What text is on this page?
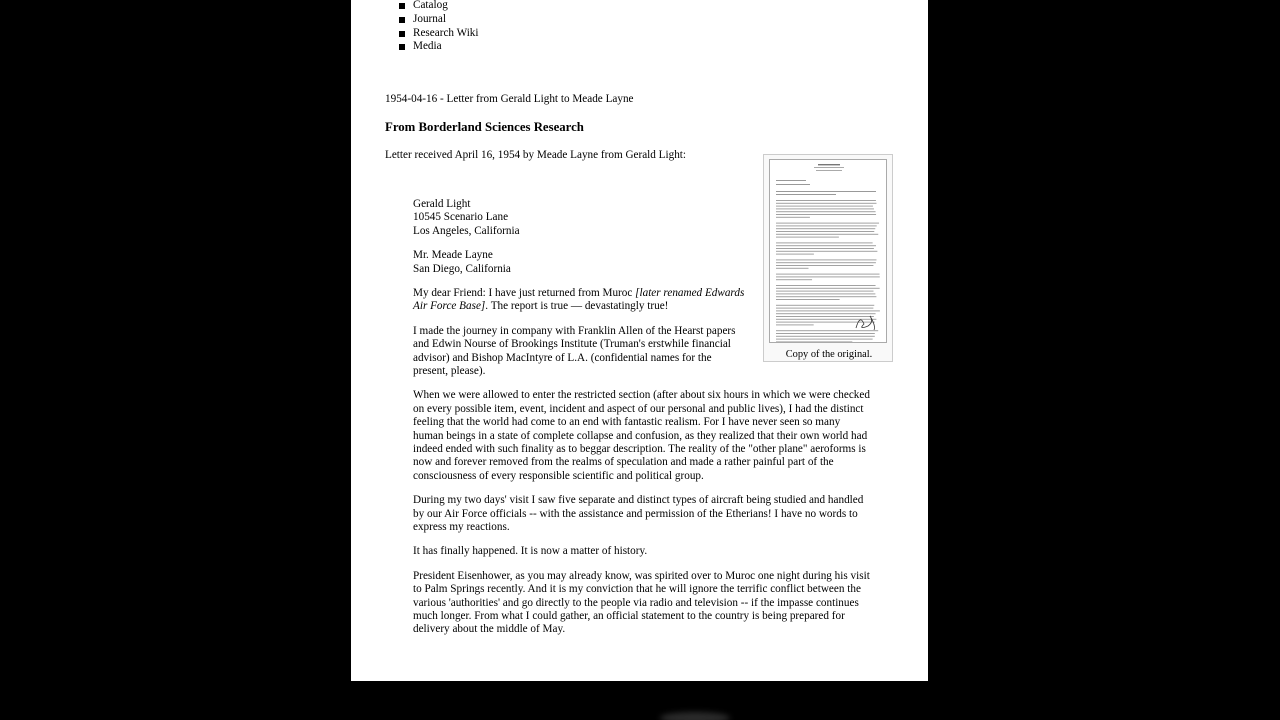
Catalog
Journal
Research Wiki
Media
1954-04-16 - Letter from Gerald Light to Meade Layne
From Borderland Sciences Research
Letter received April 16, 1954 by Meade Layne from Gerald Light:
Copy of the original.
Gerald Light
10545 Scenario Lane
Los Angeles, California
Mr. Meade Layne
San Diego, California

My dear Friend: I have just returned from Muroc [later renamed Edwards Air Force Base]. The report is true — devastatingly true!

I made the journey in company with Franklin Allen of the Hearst papers and Edwin Nourse of Brookings Institute (Truman's erstwhile financial advisor) and Bishop MacIntyre of L.A. (confidential names for the present, please).

When we were allowed to enter the restricted section (after about six hours in which we were checked on every possible item, event, incident and aspect of our personal and public lives), I had the distinct feeling that the world had come to an end with fantastic realism. For I have never seen so many human beings in a state of complete collapse and confusion, as they realized that their own world had indeed ended with such finality as to beggar description. The reality of the "other plane" aeroforms is now and forever removed from the realms of speculation and made a rather painful part of the consciousness of every responsible scientific and political group.

During my two days' visit I saw five separate and distinct types of aircraft being studied and handled by our Air Force officials -- with the assistance and permission of the Etherians! I have no words to express my reactions.

It has finally happened. It is now a matter of history.

President Eisenhower, as you may already know, was spirited over to Muroc one night during his visit to Palm Springs recently. And it is my conviction that he will ignore the terrific conflict between the various 'authorities' and go directly to the people via radio and television -- if the impasse continues much longer. From what I could gather, an official statement to the country is being prepared for delivery about the middle of May.
